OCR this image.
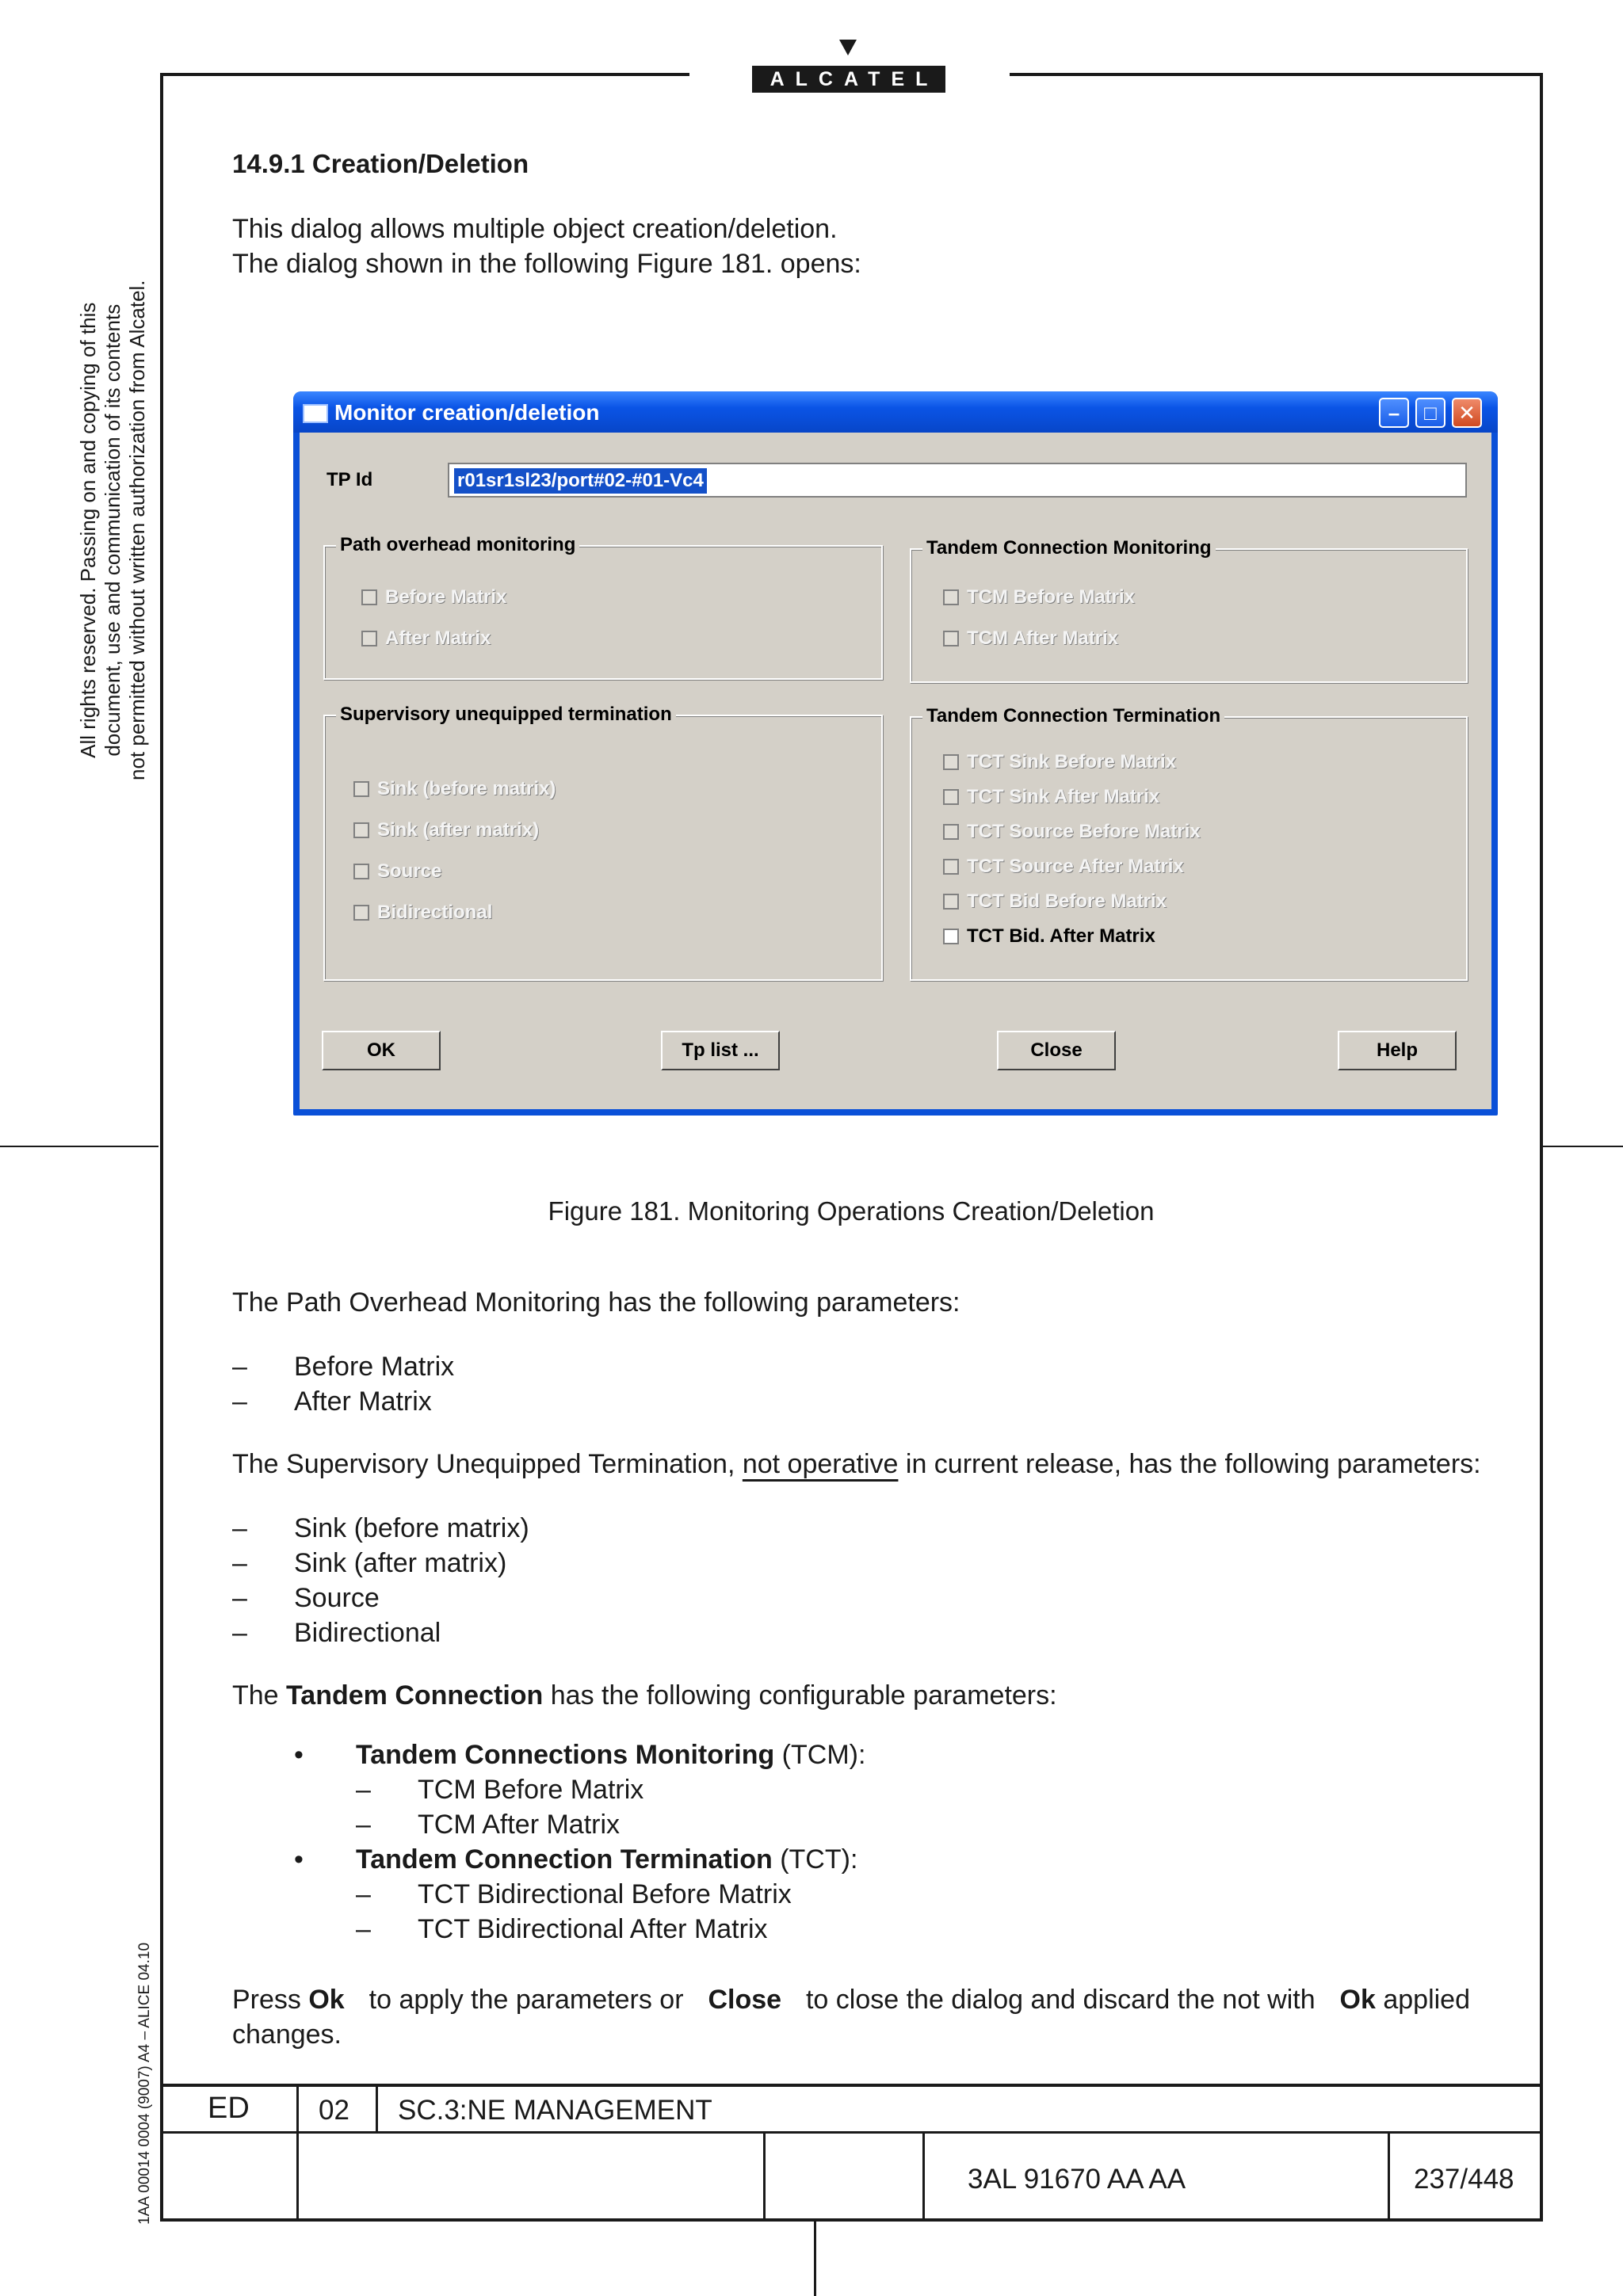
ALCATEL
All rights reserved. Passing on and copying of this document, use and communication of its contents not permitted without written authorization from Alcatel.
1AA 00014 0004 (9007) A4 – ALICE 04.10
14.9.1 Creation/Deletion
This dialog allows multiple object creation/deletion.
The dialog shown in the following Figure 181. opens:
Monitor creation/deletion	–	□	✕
TP Id	r01sr1sl23/port#02-#01-Vc4
Path overhead monitoring
Before Matrix
After Matrix
Tandem Connection Monitoring
TCM Before Matrix
TCM After Matrix
Supervisory unequipped termination
Sink (before matrix)
Sink (after matrix)
Source
Bidirectional
Tandem Connection Termination
TCT Sink Before Matrix
TCT Sink After Matrix
TCT Source Before Matrix
TCT Source After Matrix
TCT Bid Before Matrix
TCT Bid. After Matrix
OK	Tp list ...	Close	Help
Figure 181. Monitoring Operations Creation/Deletion
The Path Overhead Monitoring has the following parameters:
– Before Matrix
– After Matrix
The Supervisory Unequipped Termination, not operative in current release, has the following parameters:
– Sink (before matrix)
– Sink (after matrix)
– Source
– Bidirectional
The Tandem Connection has the following configurable parameters:
• Tandem Connections Monitoring (TCM):
– TCM Before Matrix
– TCM After Matrix
• Tandem Connection Termination (TCT):
– TCT Bidirectional Before Matrix
– TCT Bidirectional After Matrix
Press Ok to apply the parameters or Close to close the dialog and discard the not with Ok applied
changes.
ED 02 SC.3:NE MANAGEMENT
3AL 91670 AA AA	237/448
